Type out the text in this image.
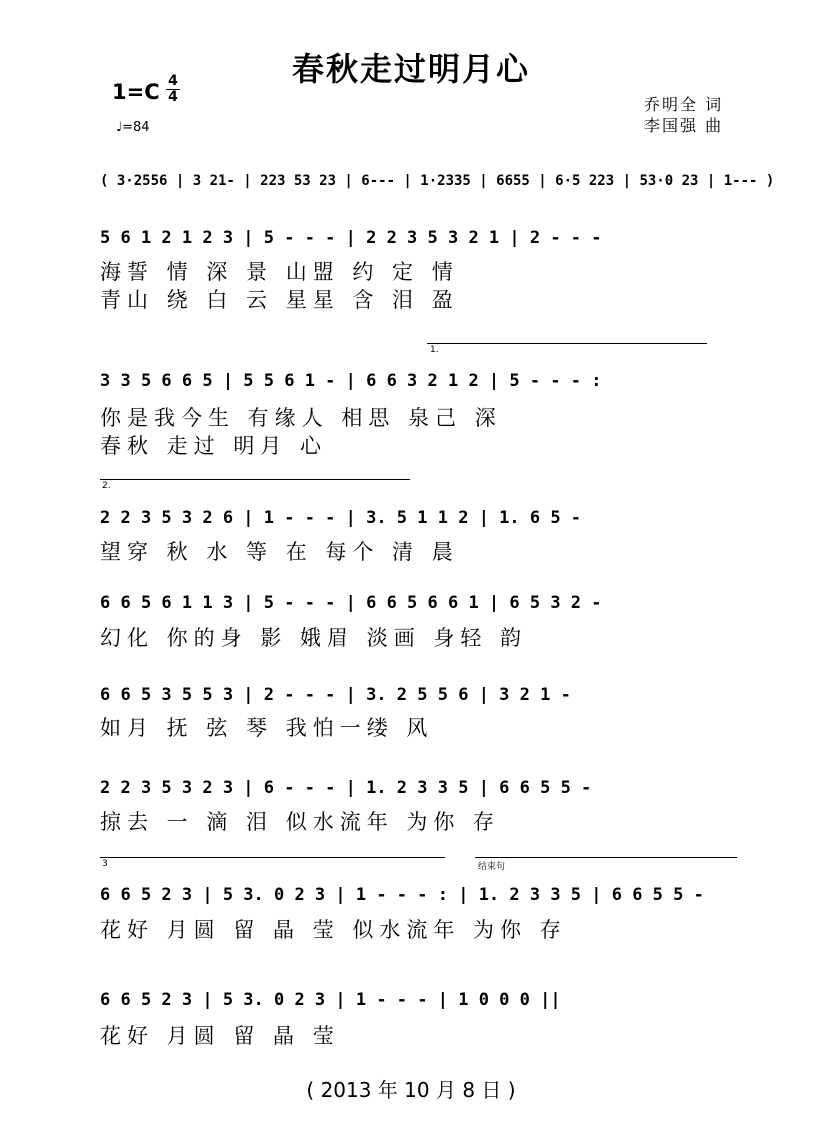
春秋走过明月心
1=C 4
4
♩=84
乔明全 词
李国强 曲
( 3·2556 | 3 21- | 223 53 23 | 6--- | 1·2335 | 6655 | 6·5 223 | 53·0 23 | 1--- )
5 6 1 2 1 2 3 | 5 - - - | 2 2 3 5 3 2 1 | 2 - - -
海誓 情 深 景 山盟 约 定 情
青山 绕 白 云 星星 含 泪 盈
1.
3 3 5 6 6 5 | 5 5 6 1 - | 6 6 3 2 1 2 | 5 - - - :
你是我今生 有缘人 相思 泉己 深
春秋 走过 明月 心
2.
2 2 3 5 3 2 6 | 1 - - - | 3. 5 1 1 2 | 1. 6 5 -
望穿 秋 水 等 在 每个 清 晨
6 6 5 6 1 1 3 | 5 - - - | 6 6 5 6 6 1 | 6 5 3 2 -
幻化 你的身 影 娥眉 淡画 身轻 韵
6 6 5 3 5 5 3 | 2 - - - | 3. 2 5 5 6 | 3 2 1 -
如月 抚 弦 琴 我怕一缕 风
2 2 3 5 3 2 3 | 6 - - - | 1. 2 3 3 5 | 6 6 5 5 -
掠去 一 滴 泪 似水流年 为你 存
3	结束句
6 6 5 2 3 | 5 3. 0 2 3 | 1 - - - : | 1. 2 3 3 5 | 6 6 5 5 -
花好 月圆 留 晶 莹 似水流年 为你 存
6 6 5 2 3 | 5 3. 0 2 3 | 1 - - - | 1 0 0 0 ||
花好 月圆 留 晶 莹
( 2013 年 10 月 8 日 )
